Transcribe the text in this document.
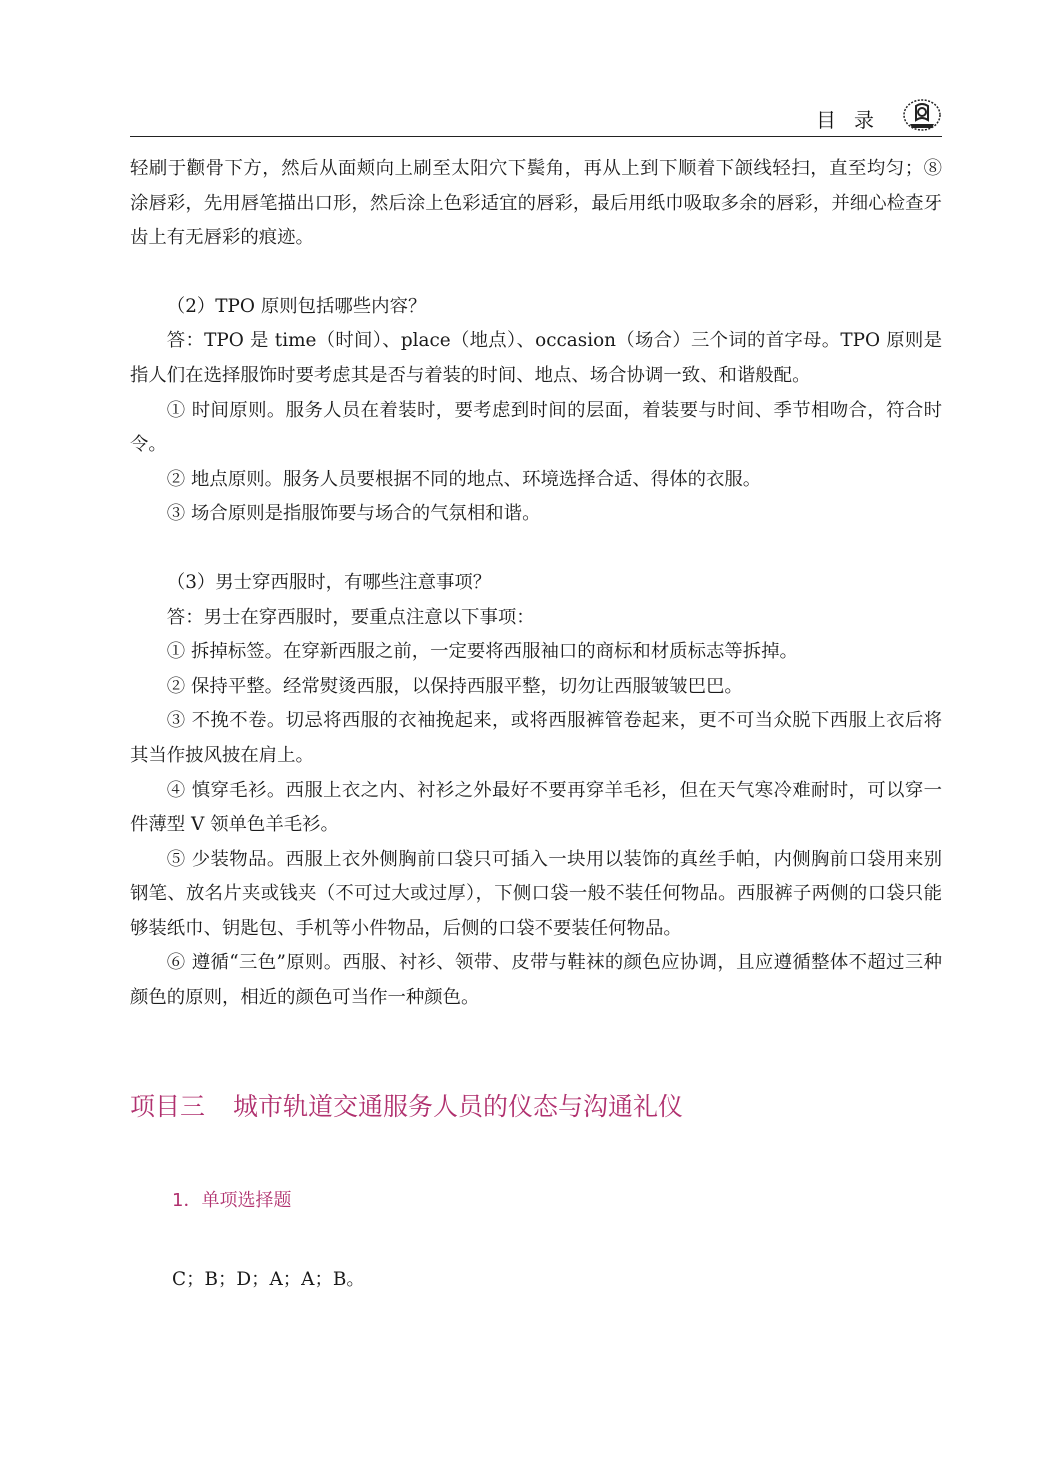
目录

轻刷于颧骨下方，然后从面颊向上刷至太阳穴下鬓角，再从上到下顺着下颌线轻扫，直至均匀；⑧ 涂唇彩，先用唇笔描出口形，然后涂上色彩适宜的唇彩，最后用纸巾吸取多余的唇彩，并细心检查牙齿上有无唇彩的痕迹。

（2）TPO 原则包括哪些内容？

答：TPO 是 time（时间）、place（地点）、occasion（场合）三个词的首字母。TPO 原则是指人们在选择服饰时要考虑其是否与着装的时间、地点、场合协调一致、和谐般配。

① 时间原则。服务人员在着装时，要考虑到时间的层面，着装要与时间、季节相吻合，符合时令。

② 地点原则。服务人员要根据不同的地点、环境选择合适、得体的衣服。

③ 场合原则是指服饰要与场合的气氛相和谐。

（3）男士穿西服时，有哪些注意事项？

答：男士在穿西服时，要重点注意以下事项：

① 拆掉标签。在穿新西服之前，一定要将西服袖口的商标和材质标志等拆掉。

② 保持平整。经常熨烫西服，以保持西服平整，切勿让西服皱皱巴巴。

③ 不挽不卷。切忌将西服的衣袖挽起来，或将西服裤管卷起来，更不可当众脱下西服上衣后将其当作披风披在肩上。

④ 慎穿毛衫。西服上衣之内、衬衫之外最好不要再穿羊毛衫，但在天气寒冷难耐时，可以穿一件薄型 V 领单色羊毛衫。

⑤ 少装物品。西服上衣外侧胸前口袋只可插入一块用以装饰的真丝手帕，内侧胸前口袋用来别钢笔、放名片夹或钱夹（不可过大或过厚），下侧口袋一般不装任何物品。西服裤子两侧的口袋只能够装纸巾、钥匙包、手机等小件物品，后侧的口袋不要装任何物品。

⑥ 遵循“三色”原则。西服、衬衫、领带、皮带与鞋袜的颜色应协调，且应遵循整体不超过三种颜色的原则，相近的颜色可当作一种颜色。

项目三 城市轨道交通服务人员的仪态与沟通礼仪
1．单项选择题
C；B；D；A；A；B。
